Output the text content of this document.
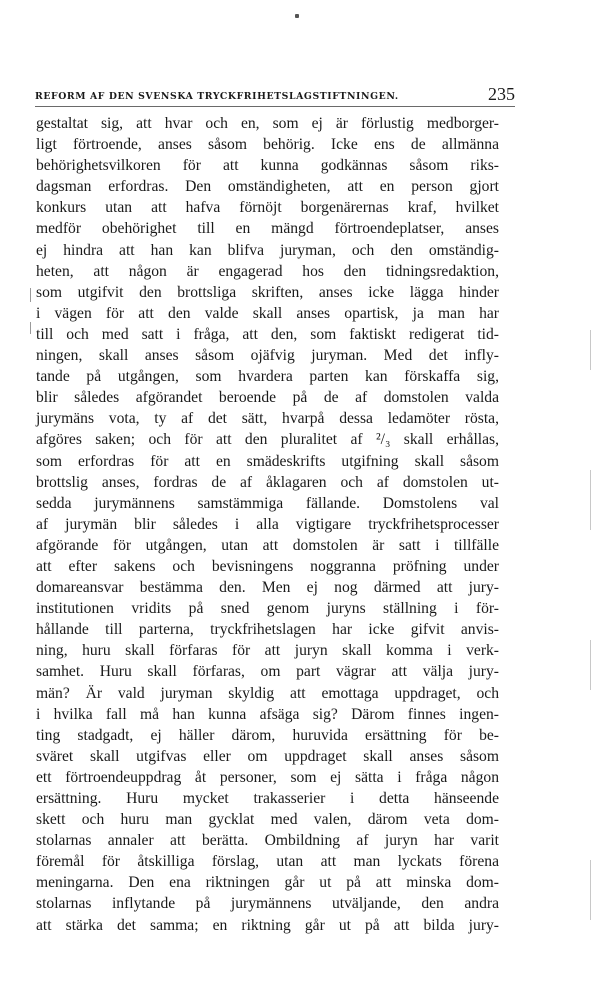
REFORM AF DEN SVENSKA TRYCKFRIHETSLAGSTIFTNINGEN.	235
gestaltat sig, att hvar och en, som ej är förlustig medborger-
ligt förtroende, anses såsom behörig. Icke ens de allmänna
behörighetsvilkoren för att kunna godkännas såsom riks-
dagsman erfordras. Den omständigheten, att en person gjort
konkurs utan att hafva förnöjt borgenärernas kraf, hvilket
medför obehörighet till en mängd förtroendeplatser, anses
ej hindra att han kan blifva juryman, och den omständig-
heten, att någon är engagerad hos den tidningsredaktion,
som utgifvit den brottsliga skriften, anses icke lägga hinder
i vägen för att den valde skall anses opartisk, ja man har
till och med satt i fråga, att den, som faktiskt redigerat tid-
ningen, skall anses såsom ojäfvig juryman. Med det infly-
tande på utgången, som hvardera parten kan förskaffa sig,
blir således afgörandet beroende på de af domstolen valda
jurymäns vota, ty af det sätt, hvarpå dessa ledamöter rösta,
afgöres saken; och för att den pluralitet af ²/₃ skall erhållas,
som erfordras för att en smädeskrifts utgifning skall såsom
brottslig anses, fordras de af åklagaren och af domstolen ut-
sedda jurymännens samstämmiga fällande. Domstolens val
af jurymän blir således i alla vigtigare tryckfrihetsprocesser
afgörande för utgången, utan att domstolen är satt i tillfälle
att efter sakens och bevisningens noggranna pröfning under
domareansvar bestämma den. Men ej nog därmed att jury-
institutionen vridits på sned genom juryns ställning i för-
hållande till parterna, tryckfrihetslagen har icke gifvit anvis-
ning, huru skall förfaras för att juryn skall komma i verk-
samhet. Huru skall förfaras, om part vägrar att välja jury-
män? Är vald juryman skyldig att emottaga uppdraget, och
i hvilka fall må han kunna afsäga sig? Därom finnes ingen-
ting stadgadt, ej häller därom, huruvida ersättning för be-
sväret skall utgifvas eller om uppdraget skall anses såsom
ett förtroendeuppdrag åt personer, som ej sätta i fråga någon
ersättning. Huru mycket trakasserier i detta hänseende
skett och huru man gycklat med valen, därom veta dom-
stolarnas annaler att berätta. Ombildning af juryn har varit
föremål för åtskilliga förslag, utan att man lyckats förena
meningarna. Den ena riktningen går ut på att minska dom-
stolarnas inflytande på jurymännens utväljande, den andra
att stärka det samma; en riktning går ut på att bilda jury-
